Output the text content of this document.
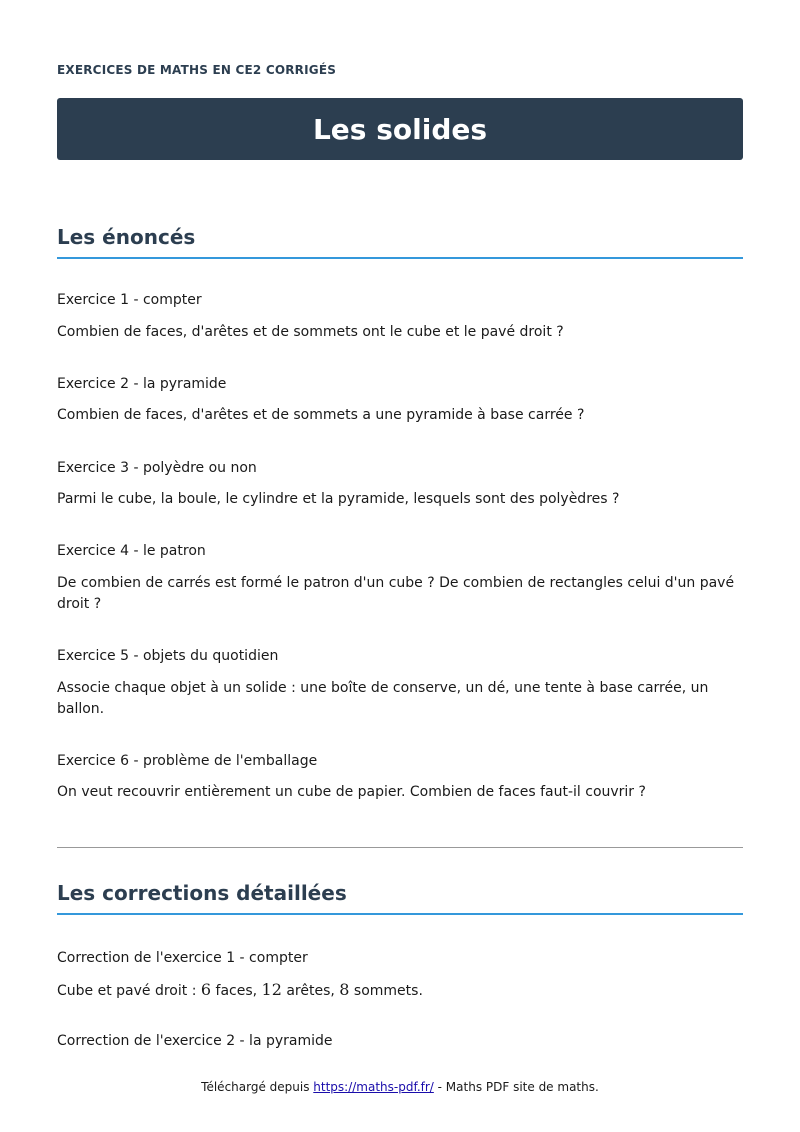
EXERCICES DE MATHS EN CE2 CORRIGÉS
Les solides
Les énoncés
Exercice 1 - compter
Combien de faces, d'arêtes et de sommets ont le cube et le pavé droit ?
Exercice 2 - la pyramide
Combien de faces, d'arêtes et de sommets a une pyramide à base carrée ?
Exercice 3 - polyèdre ou non
Parmi le cube, la boule, le cylindre et la pyramide, lesquels sont des polyèdres ?
Exercice 4 - le patron
De combien de carrés est formé le patron d'un cube ? De combien de rectangles celui d'un pavé droit ?
Exercice 5 - objets du quotidien
Associe chaque objet à un solide : une boîte de conserve, un dé, une tente à base carrée, un ballon.
Exercice 6 - problème de l'emballage
On veut recouvrir entièrement un cube de papier. Combien de faces faut-il couvrir ?
Les corrections détaillées
Correction de l'exercice 1 - compter
Cube et pavé droit : 6 faces, 12 arêtes, 8 sommets.
Correction de l'exercice 2 - la pyramide
Téléchargé depuis https://maths-pdf.fr/ - Maths PDF site de maths.
